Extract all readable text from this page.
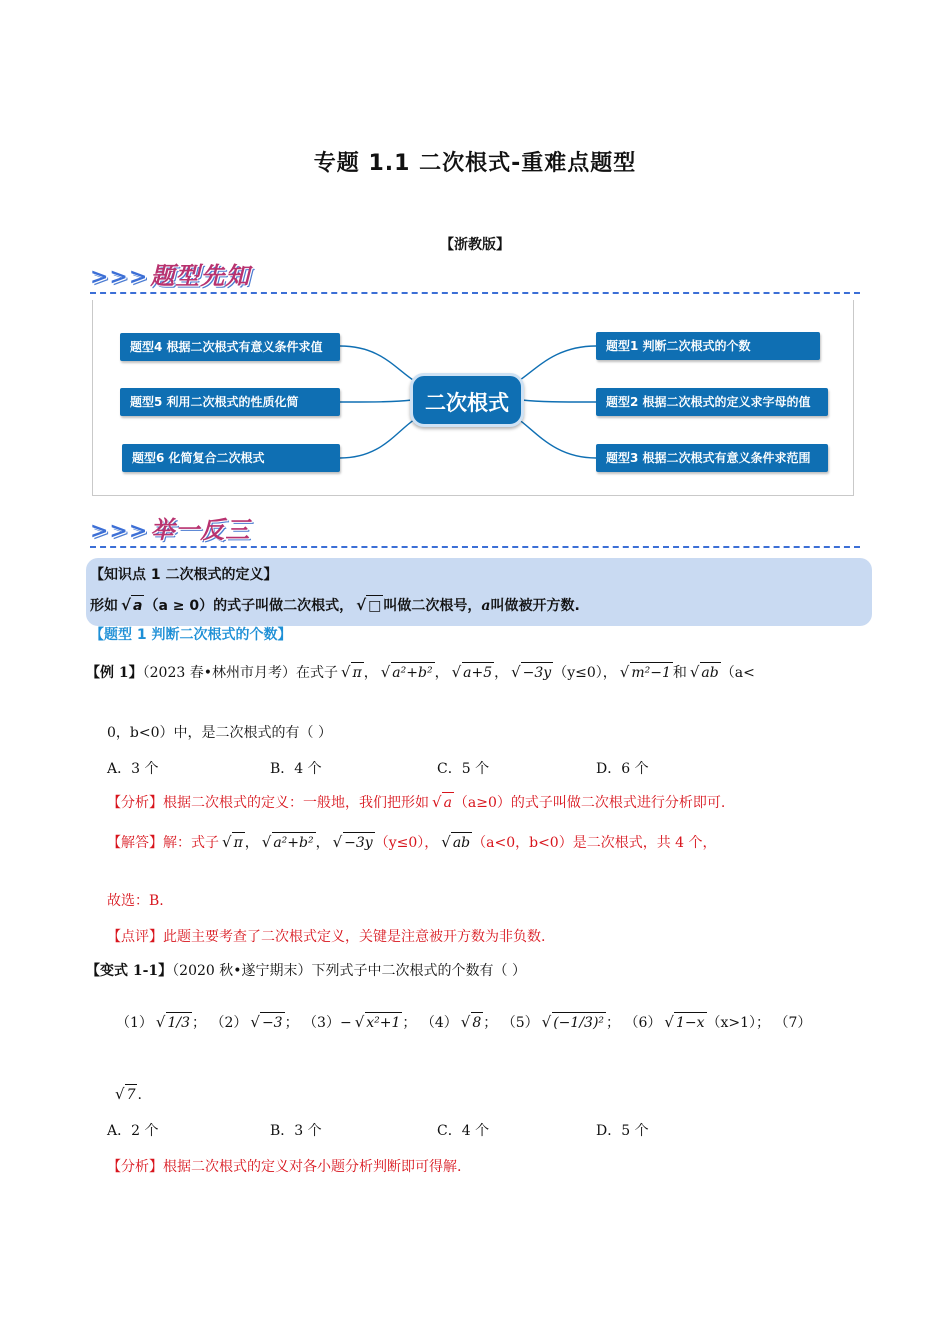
专题 1.1 二次根式-重难点题型
【浙教版】
>>>题型先知
题型4 根据二次根式有意义条件求值
题型5 利用二次根式的性质化简
题型6 化简复合二次根式
二次根式
题型1 判断二次根式的个数
题型2 根据二次根式的定义求字母的值
题型3 根据二次根式有意义条件求范围
>>>举一反三
【知识点 1 二次根式的定义】
形如 √ a （a ≥ 0）的式子叫做二次根式， √ □ 叫做二次根号，a叫做被开方数.
【题型 1 判断二次根式的个数】
【例 1】（2023 春•林州市月考）在式子 √ π ， √ a²+b² ， √ a+5 ， √ −3y （y≤0）， √ m²−1 和 √ ab （a<
0，b<0）中，是二次根式的有（ ）
A．3 个	B．4 个	C．5 个	D．6 个
【分析】根据二次根式的定义：一般地，我们把形如 √ a （a≥0）的式子叫做二次根式进行分析即可.
【解答】解：式子 √ π ， √ a²+b² ， √ −3y （y≤0）， √ ab （a<0，b<0）是二次根式，共 4 个，
故选：B.
【点评】此题主要考查了二次根式定义，关键是注意被开方数为非负数.
【变式 1-1】（2020 秋•遂宁期末）下列式子中二次根式的个数有（ ）
（1） √ 1/3 ； （2） √ −3 ； （3）− √ x²+1 ； （4） √ 8 ； （5） √ (−1/3)² ； （6） √ 1−x （x>1）； （7）
√ 7 .
A．2 个	B．3 个	C．4 个	D．5 个
【分析】根据二次根式的定义对各小题分析判断即可得解.
